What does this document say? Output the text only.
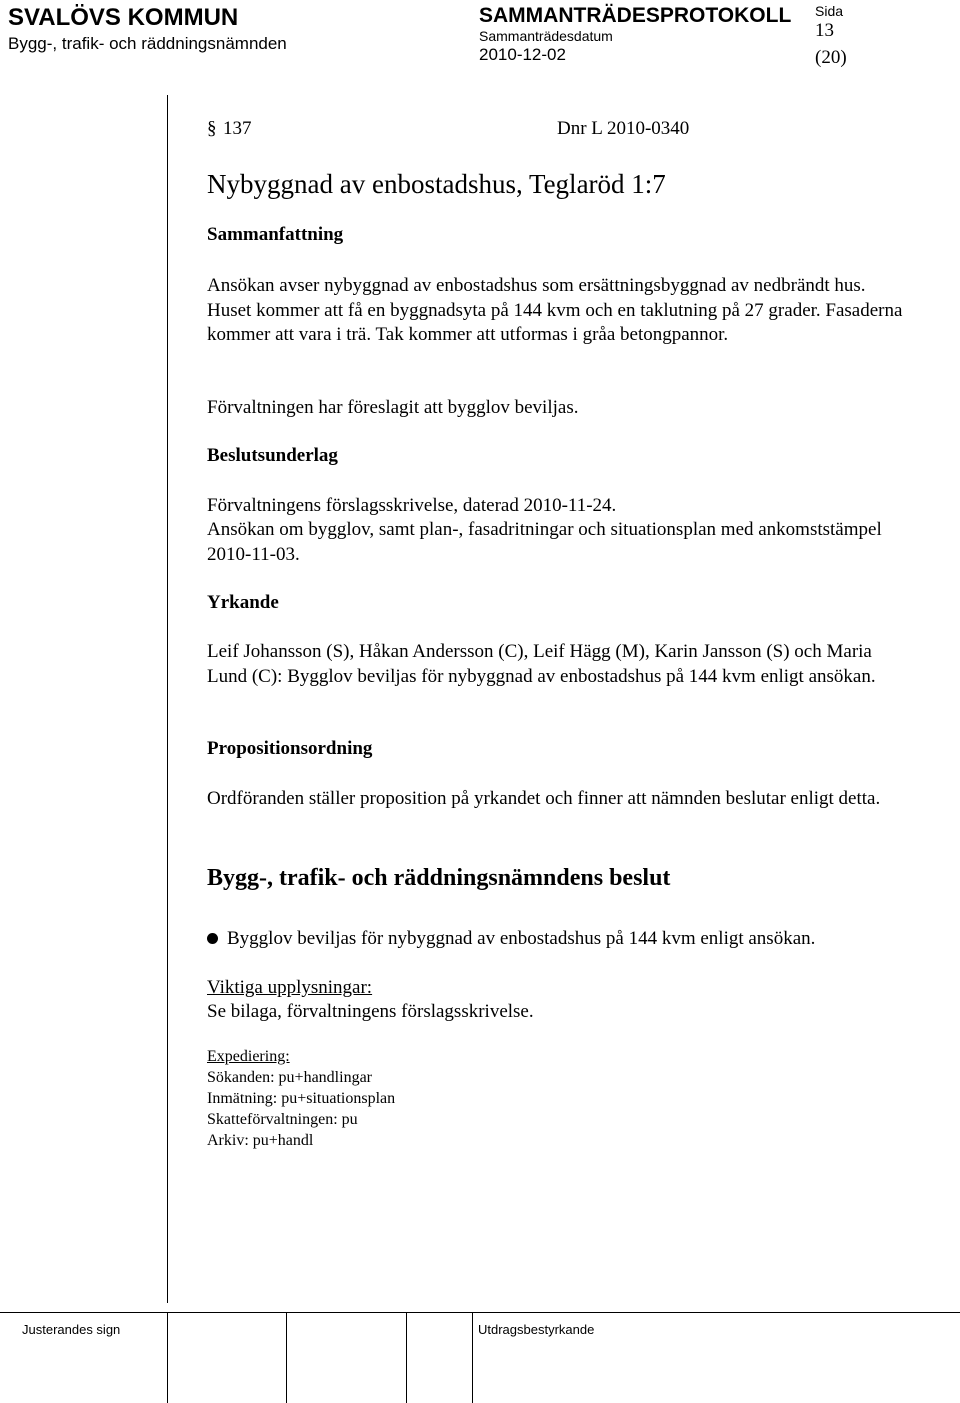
SVALÖVS KOMMUN
Bygg-, trafik- och räddningsnämnden
SAMMANTRÄDESPROTOKOLL
Sammanträdesdatum
2010-12-02
Sida
13
(20)
§ 137	Dnr L 2010-0340
Nybyggnad av enbostadshus, Teglaröd 1:7
Sammanfattning
Ansökan avser nybyggnad av enbostadshus som ersättningsbyggnad av nedbrändt hus. Huset kommer att få en byggnadsyta på 144 kvm och en taklutning på 27 grader. Fasaderna kommer att vara i trä. Tak kommer att utformas i gråa betongpannor.
Förvaltningen har föreslagit att bygglov beviljas.
Beslutsunderlag
Förvaltningens förslagsskrivelse, daterad 2010-11-24.
Ansökan om bygglov, samt plan-, fasadritningar och situationsplan med ankomststämpel 2010-11-03.
Yrkande
Leif Johansson (S), Håkan Andersson (C), Leif Hägg (M), Karin Jansson (S) och Maria Lund (C): Bygglov beviljas för nybyggnad av enbostadshus på 144 kvm enligt ansökan.
Propositionsordning
Ordföranden ställer proposition på yrkandet och finner att nämnden beslutar enligt detta.
Bygg-, trafik- och räddningsnämndens beslut
Bygglov beviljas för nybyggnad av enbostadshus på 144 kvm enligt ansökan.
Viktiga upplysningar:
Se bilaga, förvaltningens förslagsskrivelse.
Expediering:
Sökanden: pu+handlingar
Inmätning: pu+situationsplan
Skatteförvaltningen: pu
Arkiv: pu+handl
Justerandes sign	Utdragsbestyrkande
